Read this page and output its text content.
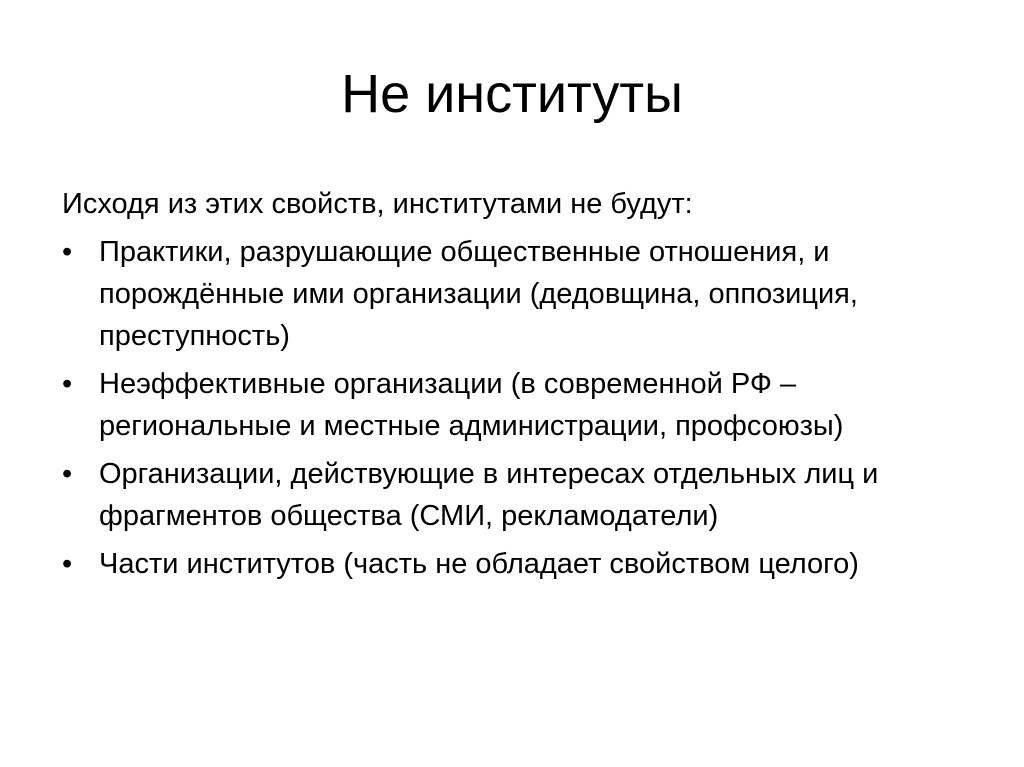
Не институты

Исходя из этих свойств, институтами не будут:

• Практики, разрушающие общественные отношения, и порождённые ими организации (дедовщина, оппозиция, преступность)
• Неэффективные организации (в современной РФ – региональные и местные администрации, профсоюзы)
• Организации, действующие в интересах отдельных лиц и фрагментов общества (СМИ, рекламодатели)
• Части институтов (часть не обладает свойством целого)
